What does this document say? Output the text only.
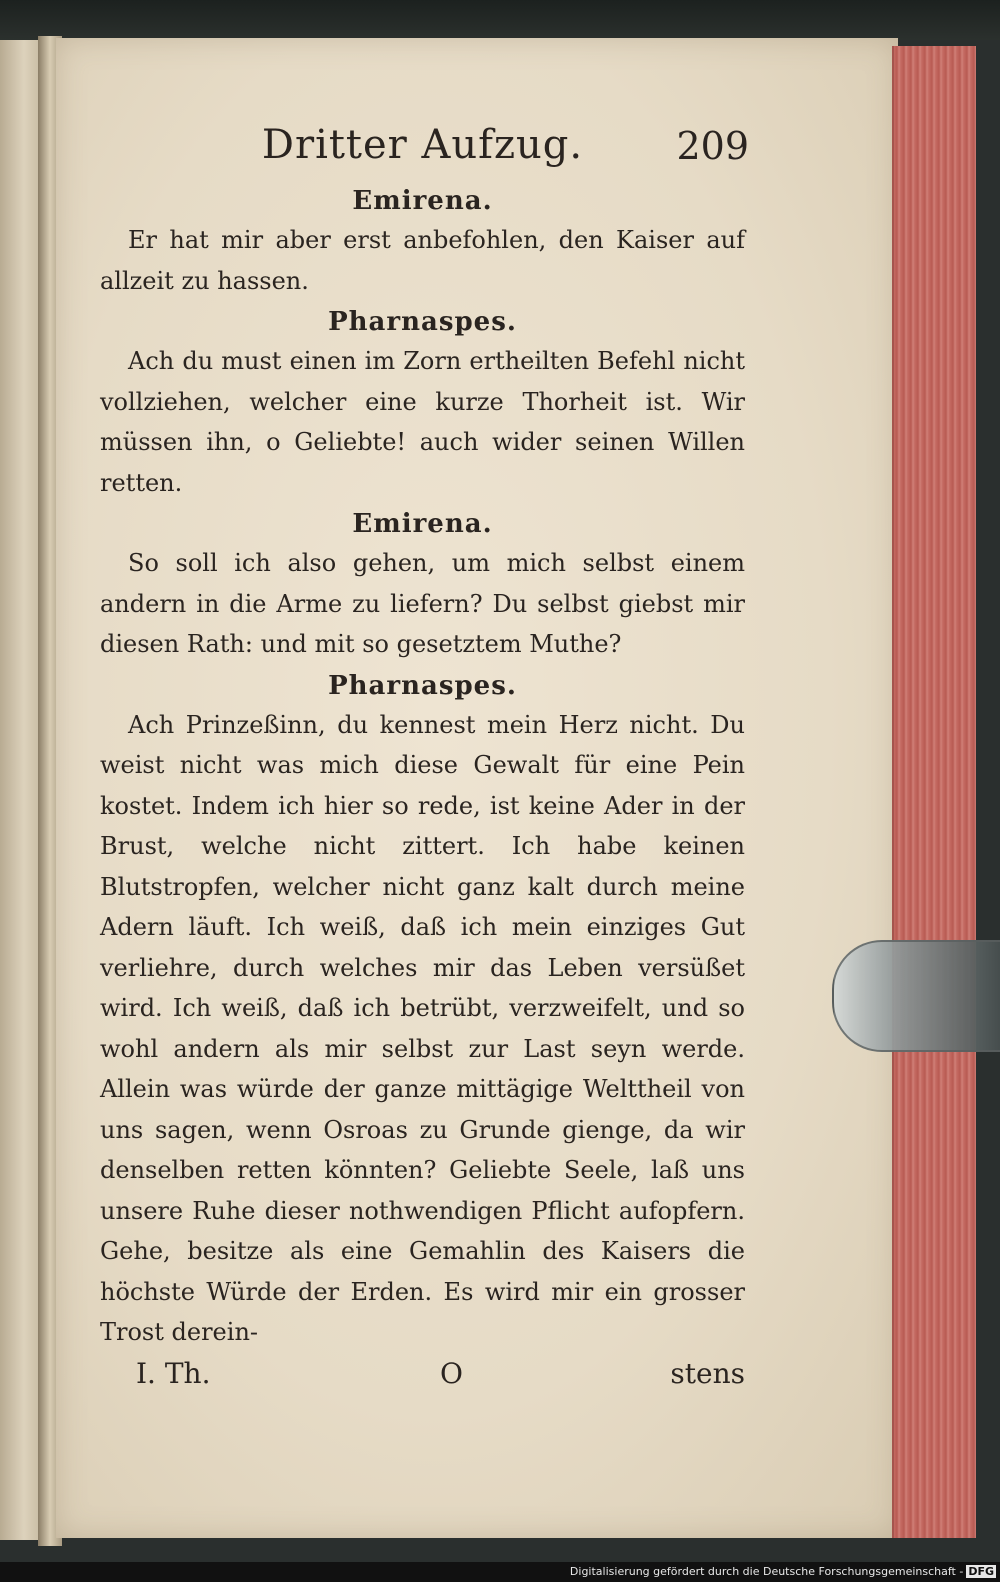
Dritter Aufzug.	209
Emirena.

Er hat mir aber erst anbefohlen, den Kaiser auf allzeit zu hassen.

Pharnaspes.

Ach du must einen im Zorn ertheilten Befehl nicht vollziehen, welcher eine kurze Thorheit ist. Wir müssen ihn, o Geliebte! auch wider seinen Willen retten.

Emirena.

So soll ich also gehen, um mich selbst einem andern in die Arme zu liefern? Du selbst giebst mir diesen Rath: und mit so gesetztem Muthe?

Pharnaspes.

Ach Prinzeßinn, du kennest mein Herz nicht. Du weist nicht was mich diese Gewalt für eine Pein kostet. Indem ich hier so rede, ist keine Ader in der Brust, welche nicht zittert. Ich habe keinen Blutstropfen, welcher nicht ganz kalt durch meine Adern läuft. Ich weiß, daß ich mein einziges Gut verliehre, durch welches mir das Leben versüßet wird. Ich weiß, daß ich betrübt, verzweifelt, und so wohl andern als mir selbst zur Last seyn werde. Allein was würde der ganze mittägige Welttheil von uns sagen, wenn Osroas zu Grunde gienge, da wir denselben retten könnten? Geliebte Seele, laß uns unsere Ruhe dieser nothwendigen Pflicht aufopfern. Gehe, besitze als eine Gemahlin des Kaisers die höchste Würde der Erden. Es wird mir ein grosser Trost derein-

I. Th.	O	stens
Digitalisierung gefördert durch die Deutsche Forschungsgemeinschaft - DFG
